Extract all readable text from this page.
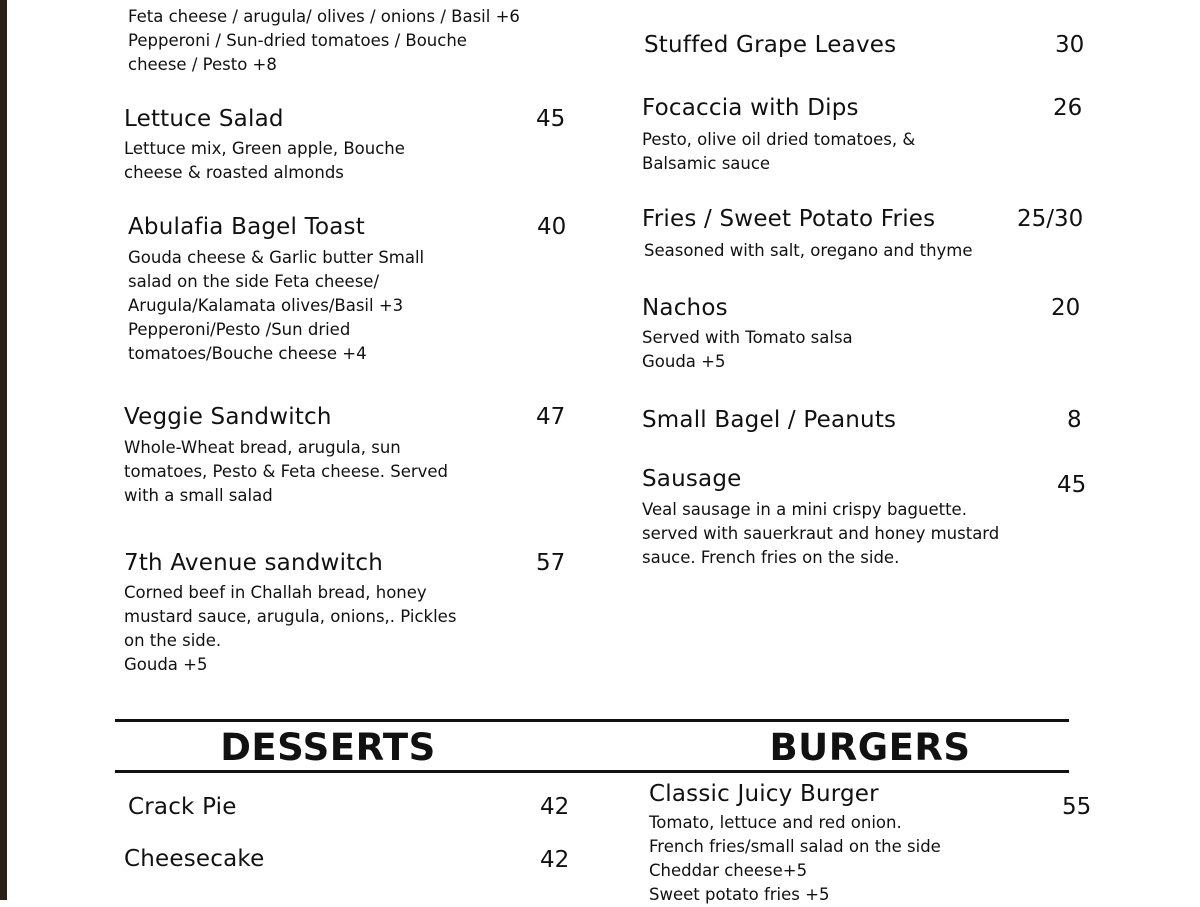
Feta cheese / arugula/ olives / onions / Basil +6
Pepperoni / Sun-dried tomatoes / Bouche
cheese / Pesto +8
Lettuce Salad	45
Lettuce mix, Green apple, Bouche
cheese & roasted almonds
Abulafia Bagel Toast	40
Gouda cheese & Garlic butter Small
salad on the side Feta cheese/
Arugula/Kalamata olives/Basil +3
Pepperoni/Pesto /Sun dried
tomatoes/Bouche cheese +4
Veggie Sandwitch	47
Whole-Wheat bread, arugula, sun
tomatoes, Pesto & Feta cheese. Served
with a small salad
7th Avenue sandwitch	57
Corned beef in Challah bread, honey
mustard sauce, arugula, onions,. Pickles
on the side.
Gouda +5
Stuffed Grape Leaves	30
Focaccia with Dips	26
Pesto, olive oil dried tomatoes, &
Balsamic sauce
Fries / Sweet Potato Fries	25/30
Seasoned with salt, oregano and thyme
Nachos	20
Served with Tomato salsa
Gouda +5
Small Bagel / Peanuts	8
Sausage	45
Veal sausage in a mini crispy baguette.
served with sauerkraut and honey mustard
sauce. French fries on the side.
DESSERTS	BURGERS
Crack Pie	42
Cheesecake	42
Classic Juicy Burger	55
Tomato, lettuce and red onion.
French fries/small salad on the side
Cheddar cheese+5
Sweet potato fries +5
